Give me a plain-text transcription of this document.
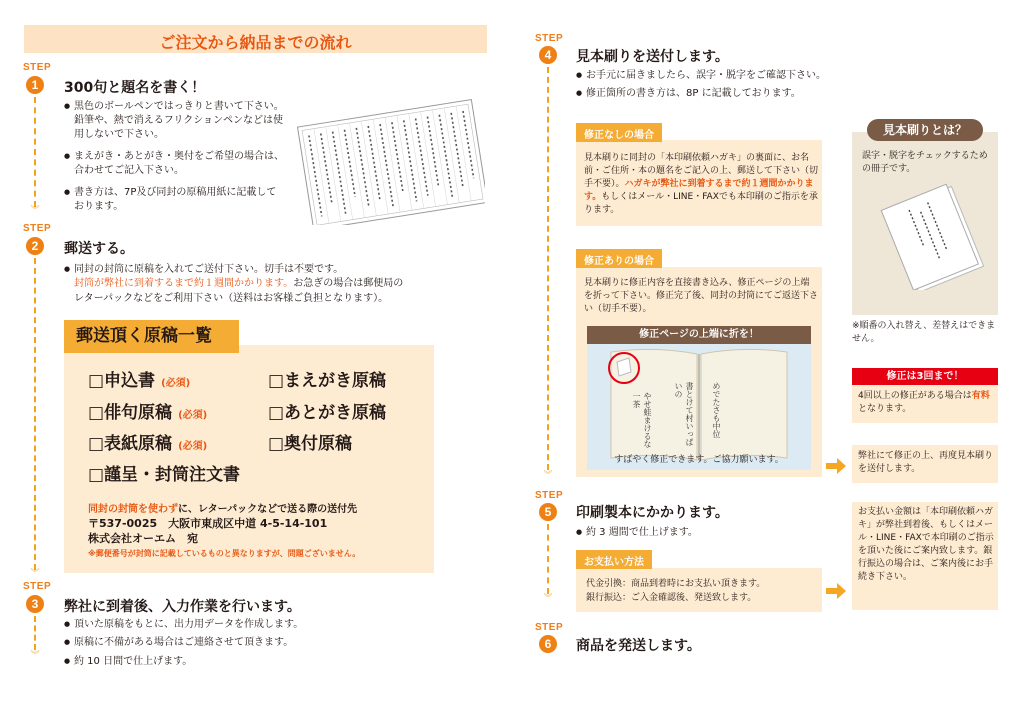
ご注文から納品までの流れ
STEP
1
︾
300句と題名を書く！
● 黒色のボールペンではっきりと書いて下さい。鉛筆や、熱で消えるフリクションペンなどは使用しないで下さい。
● まえがき・あとがき・奥付をご希望の場合は、合わせてご記入下さい。
● 書き方は、7P及び同封の原稿用紙に記載しております。
STEP
2
︾
郵送する。
● 同封の封筒に原稿を入れてご送付下さい。切手は不要です。
封筒が弊社に到着するまで約１週間かかります。お急ぎの場合は郵便局の
レターパックなどをご利用下さい（送料はお客様ご負担となります）。
郵送頂く原稿一覧
□申込書 (必須)	□まえがき原稿
□俳句原稿 (必須)	□あとがき原稿
□表紙原稿 (必須)	□奥付原稿
□謹呈・封筒注文書
同封の封筒を使わずに、レターパックなどで送る際の送付先
〒537-0025　大阪市東成区中道 4-5-14-101
株式会社オーエム　宛
※郵便番号が封筒に記載しているものと異なりますが、問題ございません。
STEP
3
︾
弊社に到着後、入力作業を行います。
● 頂いた原稿をもとに、出力用データを作成します。
● 原稿に不備がある場合はご連絡させて頂きます。
● 約 10 日間で仕上げます。
STEP
4
︾
見本刷りを送付します。
● お手元に届きましたら、誤字・脱字をご確認下さい。
● 修正箇所の書き方は、8P に記載しております。
修正なしの場合
見本刷りに同封の「本印刷依頼ハガキ」の裏面に、お名前・ご住所・本の題名をご記入の上、郵送して下さい（切手不要）。ハガキが弊社に到着するまで約１週間かかります。もしくはメール・LINE・FAXでも本印刷のご指示を承ります。
修正ありの場合
見本刷りに修正内容を直接書き込み、修正ページの上端を折って下さい。修正完了後、同封の封筒にてご返送下さい（切手不要）。
修正ページの上端に折を！
やせ蛙まけるな一茶	書とけて村いっぱいの	めでたさも中位
すばやく修正できます。ご協力願います。
見本刷りとは？
誤字・脱字をチェックするための冊子です。
※順番の入れ替え、差替えはできません。
修正は3回まで！
4回以上の修正がある場合は有料となります。
弊社にて修正の上、再度見本刷りを送付します。
STEP
5
︾
印刷製本にかかります。
● 約 3 週間で仕上げます。
お支払い方法
代金引換：商品到着時にお支払い頂きます。
銀行振込：ご入金確認後、発送致します。
お支払い金額は「本印刷依頼ハガキ」が弊社到着後、もしくはメール・LINE・FAXで本印刷のご指示を頂いた後にご案内致します。銀行振込の場合は、ご案内後にお手続き下さい。
STEP
6	商品を発送します。
